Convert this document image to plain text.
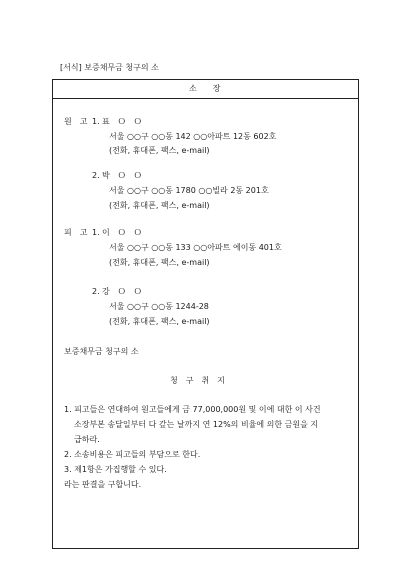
[서식] 보증채무금 청구의 소
소　　장
원　고 1. 표　Ｏ　Ｏ
서울 ○○구 ○○동 142 ○○아파트 12동 602호
(전화, 휴대폰, 팩스, e-mail)
2. 박　Ｏ　Ｏ
서울 ○○구 ○○동 1780 ○○빌라 2동 201호
(전화, 휴대폰, 팩스, e-mail)
피　고 1. 이　Ｏ　Ｏ
서울 ○○구 ○○동 133 ○○아파트 에이동 401호
(전화, 휴대폰, 팩스, e-mail)
2. 강　Ｏ　Ｏ
서울 ○○구 ○○동 1244-28
(전화, 휴대폰, 팩스, e-mail)
보증채무금 청구의 소
청　구　취　지
1. 피고들은 연대하여 원고들에게 금 77,000,000원 및 이에 대한 이 사건
소장부본 송달일부터 다 갚는 날까지 연 12%의 비율에 의한 금원을 지
급하라.
2. 소송비용은 피고들의 부담으로 한다.
3. 제1항은 가집행할 수 있다.
라는 판결을 구합니다.
